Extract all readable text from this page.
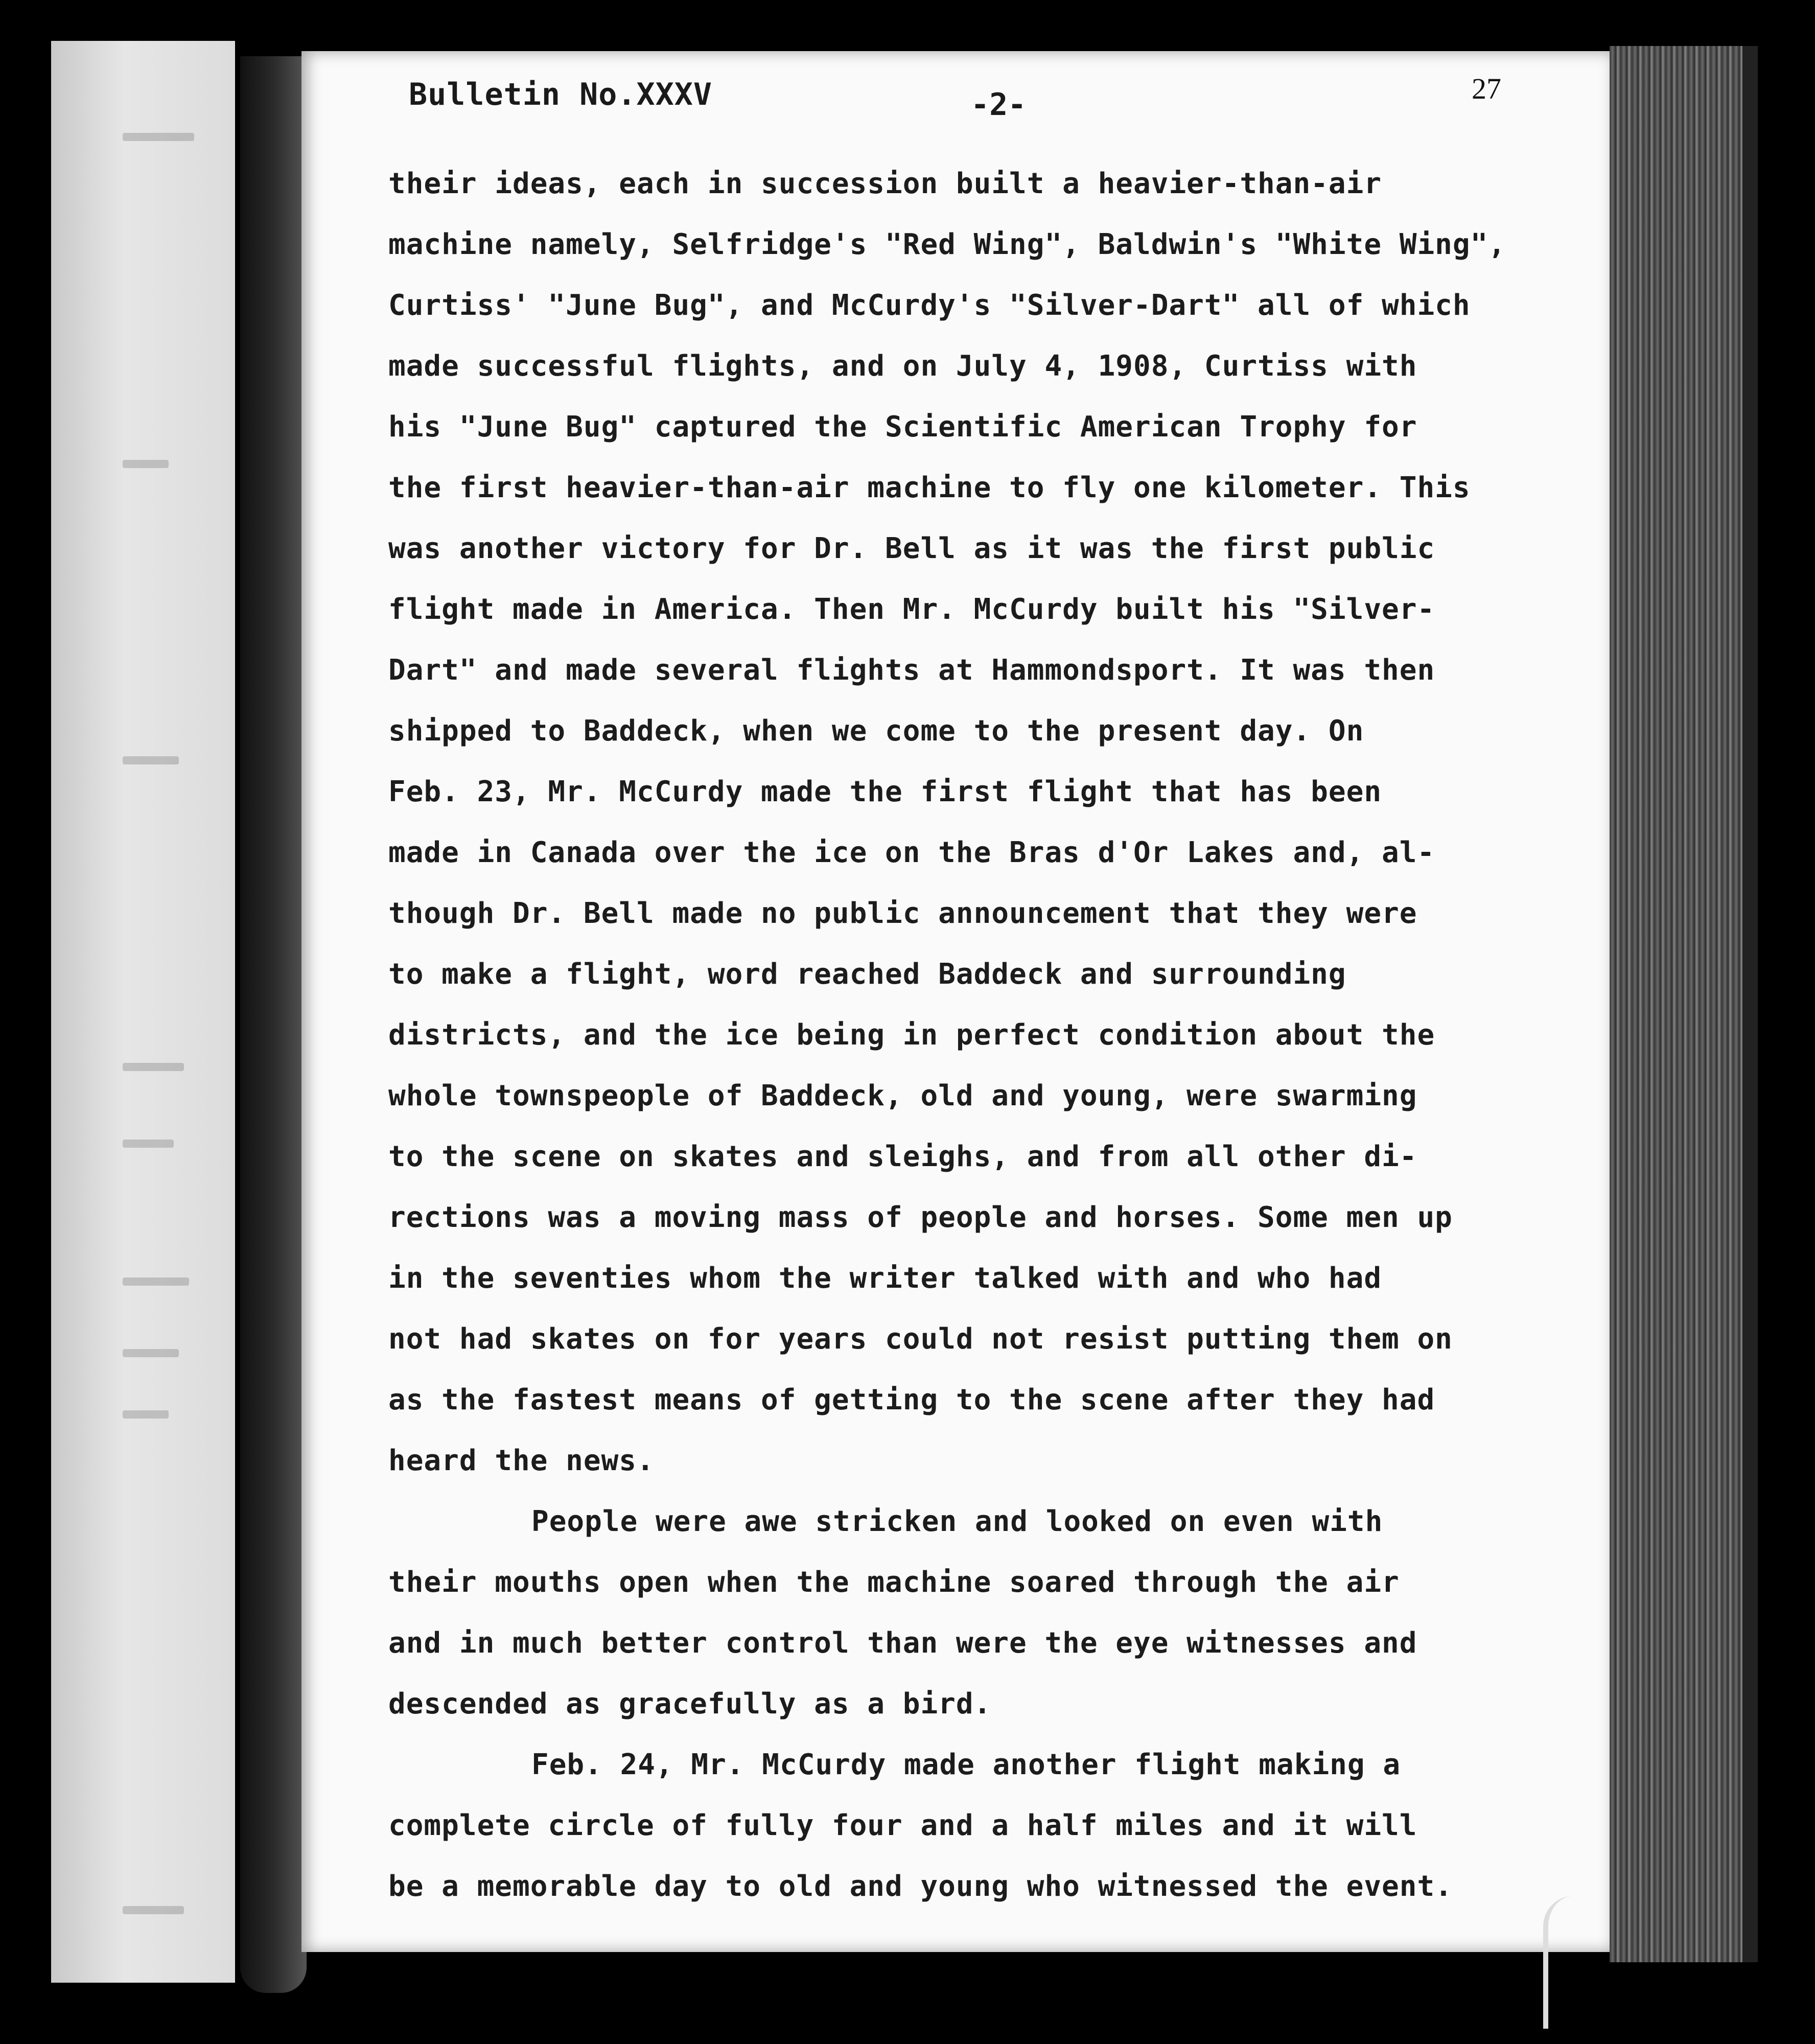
Bulletin No.XXXV	-2-	27
their ideas, each in succession built a heavier-than-air
machine namely, Selfridge's "Red Wing", Baldwin's "White Wing",
Curtiss' "June Bug", and McCurdy's "Silver-Dart" all of which
made successful flights, and on July 4, 1908, Curtiss with
his "June Bug" captured the Scientific American Trophy for
the first heavier-than-air machine to fly one kilometer. This
was another victory for Dr. Bell as it was the first public
flight made in America. Then Mr. McCurdy built his "Silver-
Dart" and made several flights at Hammondsport. It was then
shipped to Baddeck, when we come to the present day. On
Feb. 23, Mr. McCurdy made the first flight that has been
made in Canada over the ice on the Bras d'Or Lakes and, al-
though Dr. Bell made no public announcement that they were
to make a flight, word reached Baddeck and surrounding
districts, and the ice being in perfect condition about the
whole townspeople of Baddeck, old and young, were swarming
to the scene on skates and sleighs, and from all other di-
rections was a moving mass of people and horses. Some men up
in the seventies whom the writer talked with and who had
not had skates on for years could not resist putting them on
as the fastest means of getting to the scene after they had
heard the news.
People were awe stricken and looked on even with
their mouths open when the machine soared through the air
and in much better control than were the eye witnesses and
descended as gracefully as a bird.
Feb. 24, Mr. McCurdy made another flight making a
complete circle of fully four and a half miles and it will
be a memorable day to old and young who witnessed the event.
